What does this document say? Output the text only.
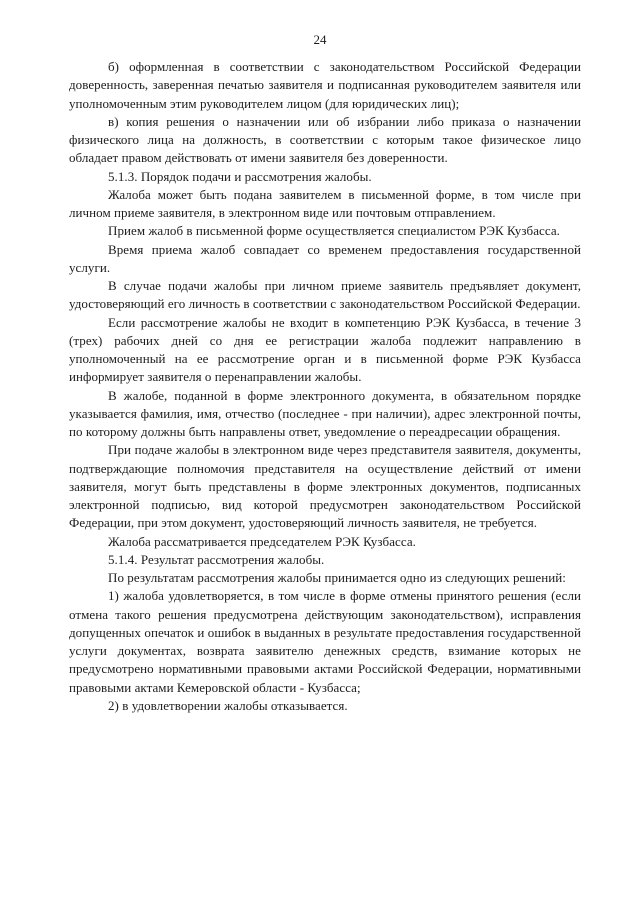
24

б) оформленная в соответствии с законодательством Российской Федерации доверенность, заверенная печатью заявителя и подписанная руководителем заявителя или уполномоченным этим руководителем лицом (для юридических лиц);

в) копия решения о назначении или об избрании либо приказа о назначении физического лица на должность, в соответствии с которым такое физическое лицо обладает правом действовать от имени заявителя без доверенности.

5.1.3. Порядок подачи и рассмотрения жалобы.

Жалоба может быть подана заявителем в письменной форме, в том числе при личном приеме заявителя, в электронном виде или почтовым отправлением.

Прием жалоб в письменной форме осуществляется специалистом РЭК Кузбасса.

Время приема жалоб совпадает со временем предоставления государственной услуги.

В случае подачи жалобы при личном приеме заявитель предъявляет документ, удостоверяющий его личность в соответствии с законодательством Российской Федерации.

Если рассмотрение жалобы не входит в компетенцию РЭК Кузбасса, в течение 3 (трех) рабочих дней со дня ее регистрации жалоба подлежит направлению в уполномоченный на ее рассмотрение орган и в письменной форме РЭК Кузбасса информирует заявителя о перенаправлении жалобы.

В жалобе, поданной в форме электронного документа, в обязательном порядке указывается фамилия, имя, отчество (последнее - при наличии), адрес электронной почты, по которому должны быть направлены ответ, уведомление о переадресации обращения.

При подаче жалобы в электронном виде через представителя заявителя, документы, подтверждающие полномочия представителя на осуществление действий от имени заявителя, могут быть представлены в форме электронных документов, подписанных электронной подписью, вид которой предусмотрен законодательством Российской Федерации, при этом документ, удостоверяющий личность заявителя, не требуется.

Жалоба рассматривается председателем РЭК Кузбасса.

5.1.4. Результат рассмотрения жалобы.

По результатам рассмотрения жалобы принимается одно из следующих решений:

1) жалоба удовлетворяется, в том числе в форме отмены принятого решения (если отмена такого решения предусмотрена действующим законодательством), исправления допущенных опечаток и ошибок в выданных в результате предоставления государственной услуги документах, возврата заявителю денежных средств, взимание которых не предусмотрено нормативными правовыми актами Российской Федерации, нормативными правовыми актами Кемеровской области - Кузбасса;

2) в удовлетворении жалобы отказывается.
